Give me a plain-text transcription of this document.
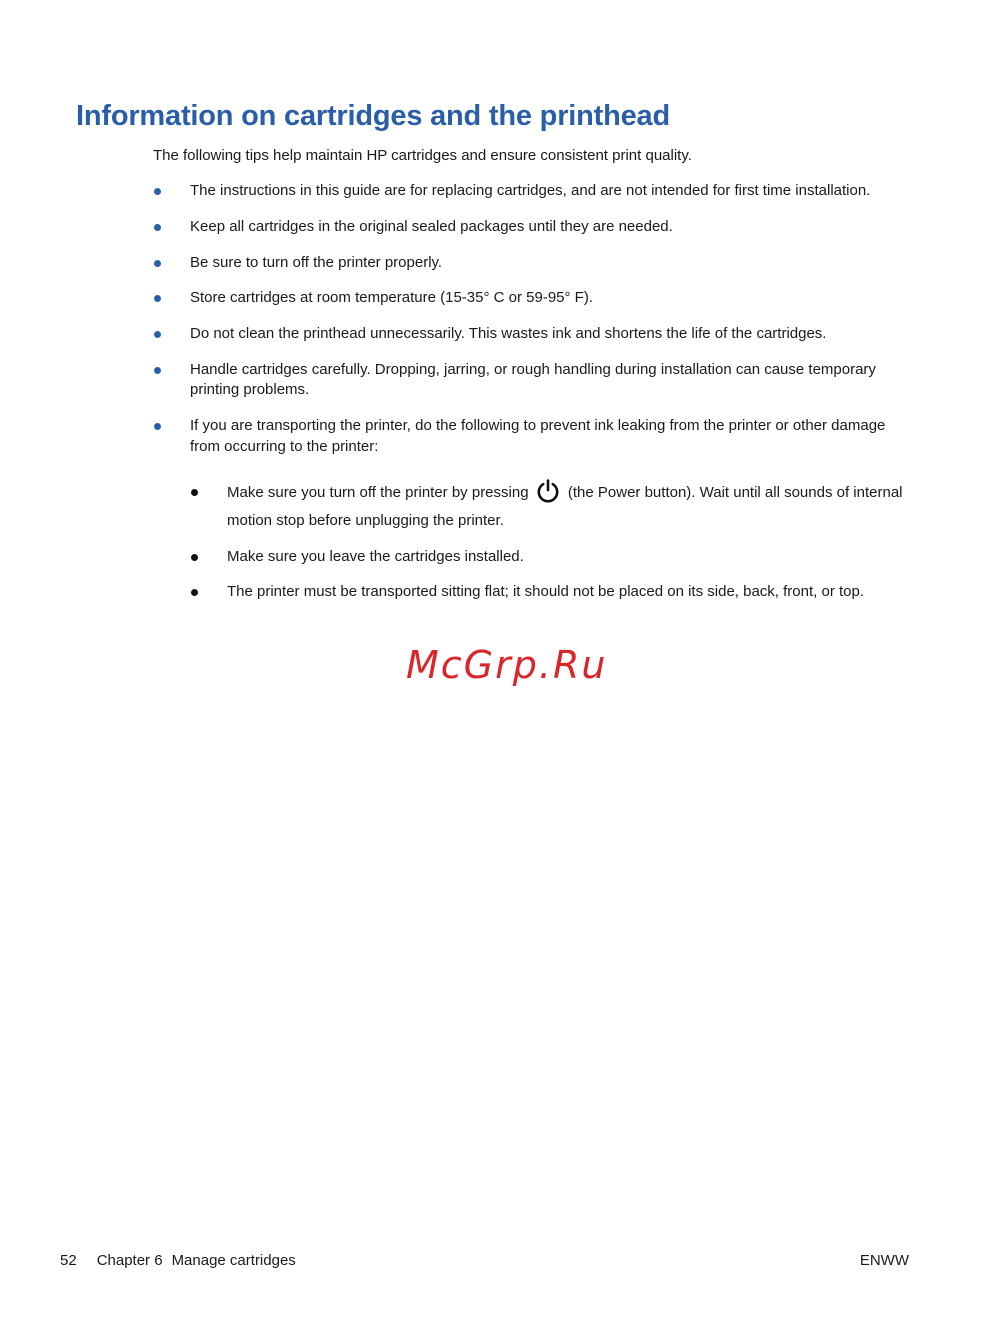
Information on cartridges and the printhead

The following tips help maintain HP cartridges and ensure consistent print quality.

The instructions in this guide are for replacing cartridges, and are not intended for first time installation.
Keep all cartridges in the original sealed packages until they are needed.
Be sure to turn off the printer properly.
Store cartridges at room temperature (15-35° C or 59-95° F).
Do not clean the printhead unnecessarily. This wastes ink and shortens the life of the cartridges.
Handle cartridges carefully. Dropping, jarring, or rough handling during installation can cause temporary printing problems.
If you are transporting the printer, do the following to prevent ink leaking from the printer or other damage from occurring to the printer:
Make sure you turn off the printer by pressing	(the Power button). Wait until all sounds of internal motion stop before unplugging the printer.
Make sure you leave the cartridges installed.
The printer must be transported sitting flat; it should not be placed on its side, back, front, or top.
McGrp.Ru
52 Chapter 6 Manage cartridges	ENWW
